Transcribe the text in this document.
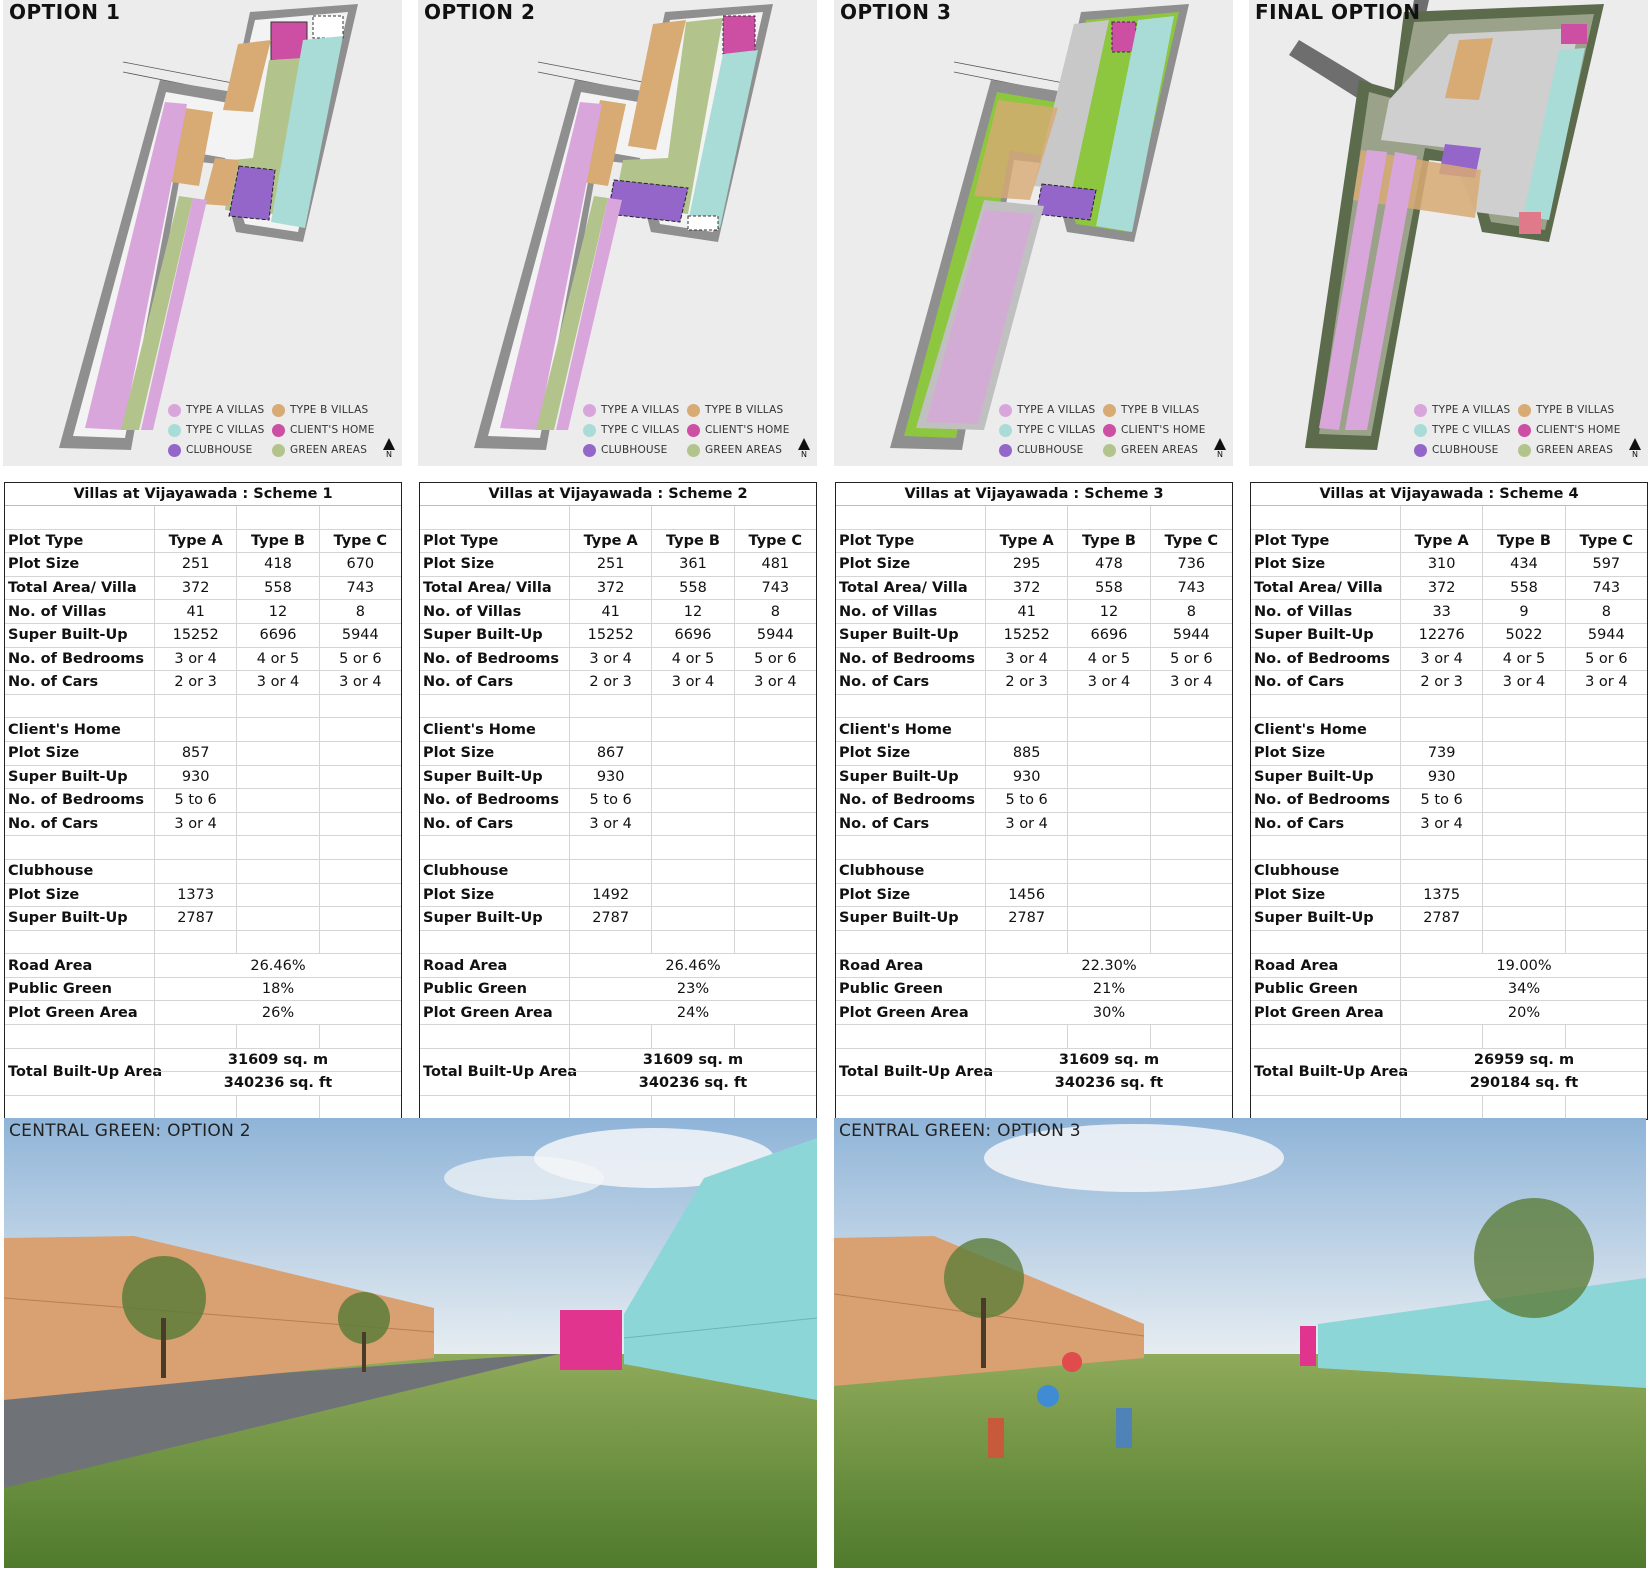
OPTION 1
TYPE A VILLAS TYPE B VILLAS
TYPE C VILLAS CLIENT'S HOME
CLUBHOUSE	GREEN AREAS	N
OPTION 2
TYPE A VILLAS TYPE B VILLAS
TYPE C VILLAS CLIENT'S HOME
CLUBHOUSE	GREEN AREAS	N
OPTION 3
TYPE A VILLAS TYPE B VILLAS
TYPE C VILLAS CLIENT'S HOME
CLUBHOUSE	GREEN AREAS	N
FINAL OPTION
TYPE A VILLAS TYPE B VILLAS
TYPE C VILLAS CLIENT'S HOME
CLUBHOUSE	GREEN AREAS	N
Villas at Vijayawada : Scheme 1
Plot Type	Type A	Type B	Type C
Plot Size	251	418	670
Total Area/ Villa	372	558	743
No. of Villas	41	12	8
Super Built-Up	15252	6696	5944
No. of Bedrooms	3 or 4	4 or 5	5 or 6
No. of Cars	2 or 3	3 or 4	3 or 4
Client's Home
Plot Size	857
Super Built-Up	930
No. of Bedrooms	5 to 6
No. of Cars	3 or 4
Clubhouse
Plot Size	1373
Super Built-Up	2787
Road Area	26.46%
Public Green	18%
Plot Green Area	26%
Total Built-Up Area
31609 sq. m
340236 sq. ft
Villas at Vijayawada : Scheme 2
Plot Type	Type A	Type B	Type C
Plot Size	251	361	481
Total Area/ Villa	372	558	743
No. of Villas	41	12	8
Super Built-Up	15252	6696	5944
No. of Bedrooms	3 or 4	4 or 5	5 or 6
No. of Cars	2 or 3	3 or 4	3 or 4
Client's Home
Plot Size	867
Super Built-Up	930
No. of Bedrooms	5 to 6
No. of Cars	3 or 4
Clubhouse
Plot Size	1492
Super Built-Up	2787
Road Area	26.46%
Public Green	23%
Plot Green Area	24%
Total Built-Up Area
31609 sq. m
340236 sq. ft
Villas at Vijayawada : Scheme 3
Plot Type	Type A	Type B	Type C
Plot Size	295	478	736
Total Area/ Villa	372	558	743
No. of Villas	41	12	8
Super Built-Up	15252	6696	5944
No. of Bedrooms	3 or 4	4 or 5	5 or 6
No. of Cars	2 or 3	3 or 4	3 or 4
Client's Home
Plot Size	885
Super Built-Up	930
No. of Bedrooms	5 to 6
No. of Cars	3 or 4
Clubhouse
Plot Size	1456
Super Built-Up	2787
Road Area	22.30%
Public Green	21%
Plot Green Area	30%
Total Built-Up Area
31609 sq. m
340236 sq. ft
Villas at Vijayawada : Scheme 4
Plot Type	Type A	Type B	Type C
Plot Size	310	434	597
Total Area/ Villa	372	558	743
No. of Villas	33	9	8
Super Built-Up	12276	5022	5944
No. of Bedrooms	3 or 4	4 or 5	5 or 6
No. of Cars	2 or 3	3 or 4	3 or 4
Client's Home
Plot Size	739
Super Built-Up	930
No. of Bedrooms	5 to 6
No. of Cars	3 or 4
Clubhouse
Plot Size	1375
Super Built-Up	2787
Road Area	19.00%
Public Green	34%
Plot Green Area	20%
Total Built-Up Area
26959 sq. m
290184 sq. ft
CENTRAL GREEN: OPTION 2	CENTRAL GREEN: OPTION 3
